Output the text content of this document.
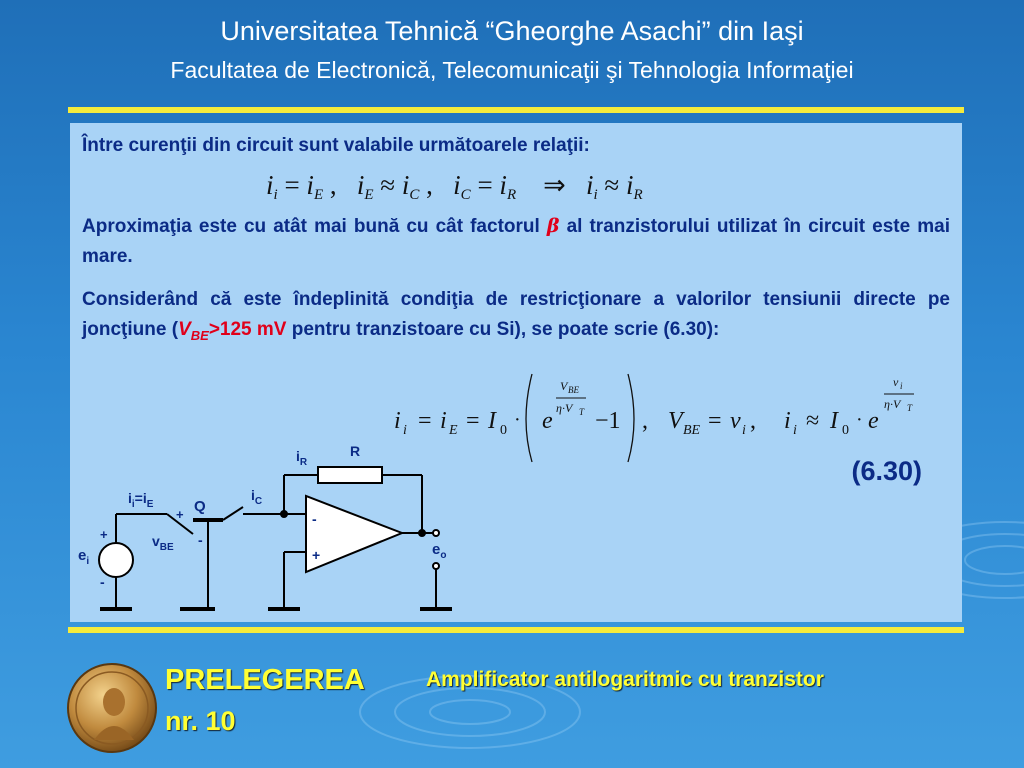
Universitatea Tehnică “Gheorghe Asachi” din Iaşi
Facultatea de Electronică, Telecomunicaţii şi Tehnologia Informaţiei

Între curenţii din circuit sunt valabile următoarele relaţii:

$i_i = i_E$ ,   $i_E \approx i_C$ ,   $i_C = i_R$    ⇒   $i_i \approx i_R$

Aproximaţia este cu atât mai bună cu cât factorul β al tranzistorului utilizat în circuit este mai mare.

Considerând că este îndeplinită condiţia de restricţionare a valorilor tensiunii directe pe joncţiune ($V_{BE}>125$ mV pentru tranzistoare cu Si), se poate scrie (6.30):

i i = i E = I 0 · e
V BE
η·V T −1 , V BE = v i , i i ≈ I 0 · e
v i
η·V T
(6.30)
$i_R$
R
$i_C$
$i_i=i_E$
+ Q
$v_{BE}$ -
-
+
+
$e_i$
-
$e_o$
PRELEGEREA
nr. 10
Amplificator antilogaritmic cu tranzistor
